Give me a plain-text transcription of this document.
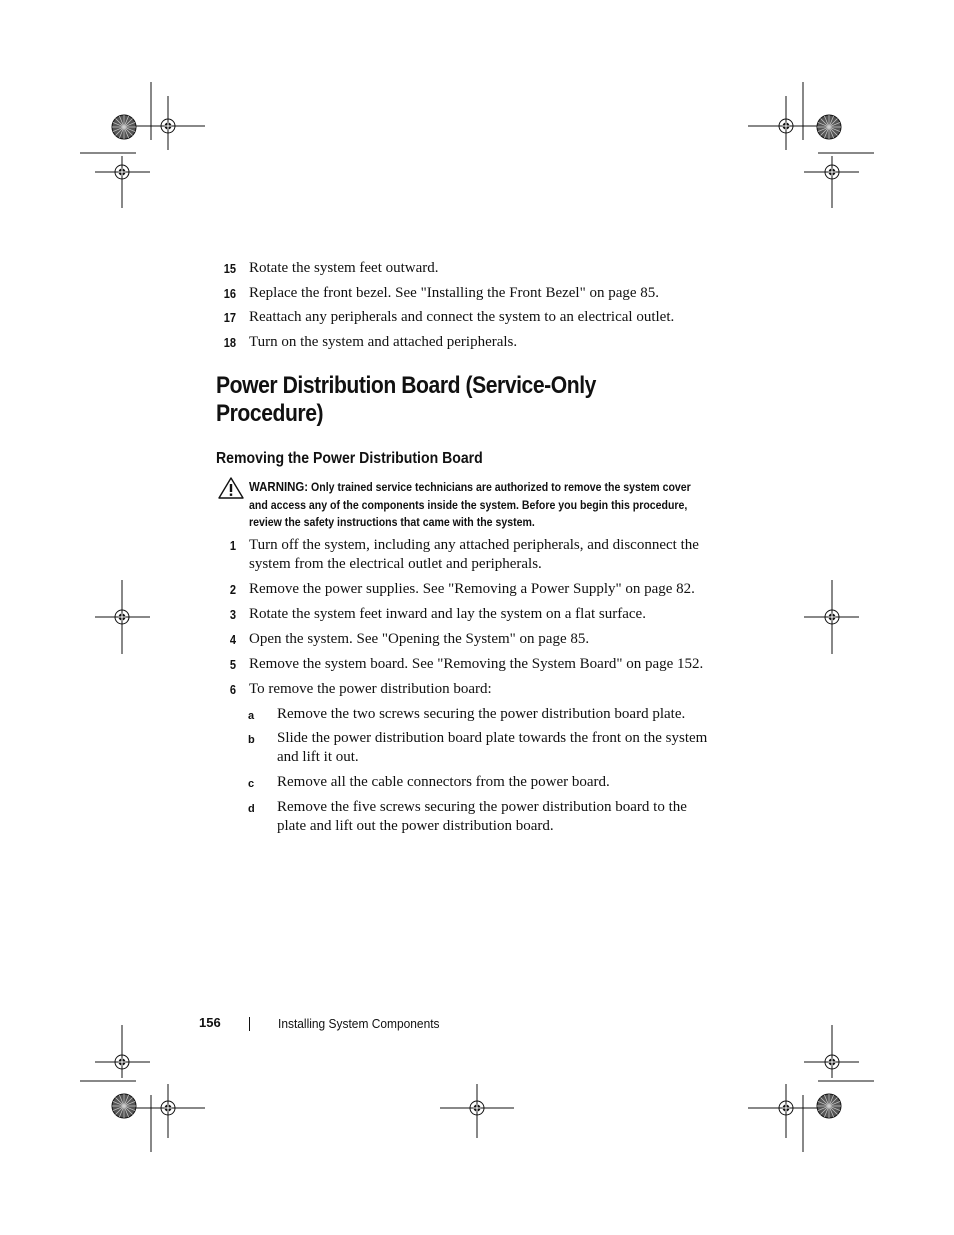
15 Rotate the system feet outward.
16 Replace the front bezel. See "Installing the Front Bezel" on page 85.
17 Reattach any peripherals and connect the system to an electrical outlet.
18 Turn on the system and attached peripherals.
Power Distribution Board (Service-Only Procedure)
Removing the Power Distribution Board
WARNING: Only trained service technicians are authorized to remove the system cover and access any of the components inside the system. Before you begin this procedure, review the safety instructions that came with the system.
1 Turn off the system, including any attached peripherals, and disconnect the system from the electrical outlet and peripherals.
2 Remove the power supplies. See "Removing a Power Supply" on page 82.
3 Rotate the system feet inward and lay the system on a flat surface.
4 Open the system. See "Opening the System" on page 85.
5 Remove the system board. See "Removing the System Board" on page 152.
6 To remove the power distribution board:
a Remove the two screws securing the power distribution board plate.
b Slide the power distribution board plate towards the front on the system and lift it out.
c Remove all the cable connectors from the power board.
d Remove the five screws securing the power distribution board to the plate and lift out the power distribution board.
156	Installing System Components
